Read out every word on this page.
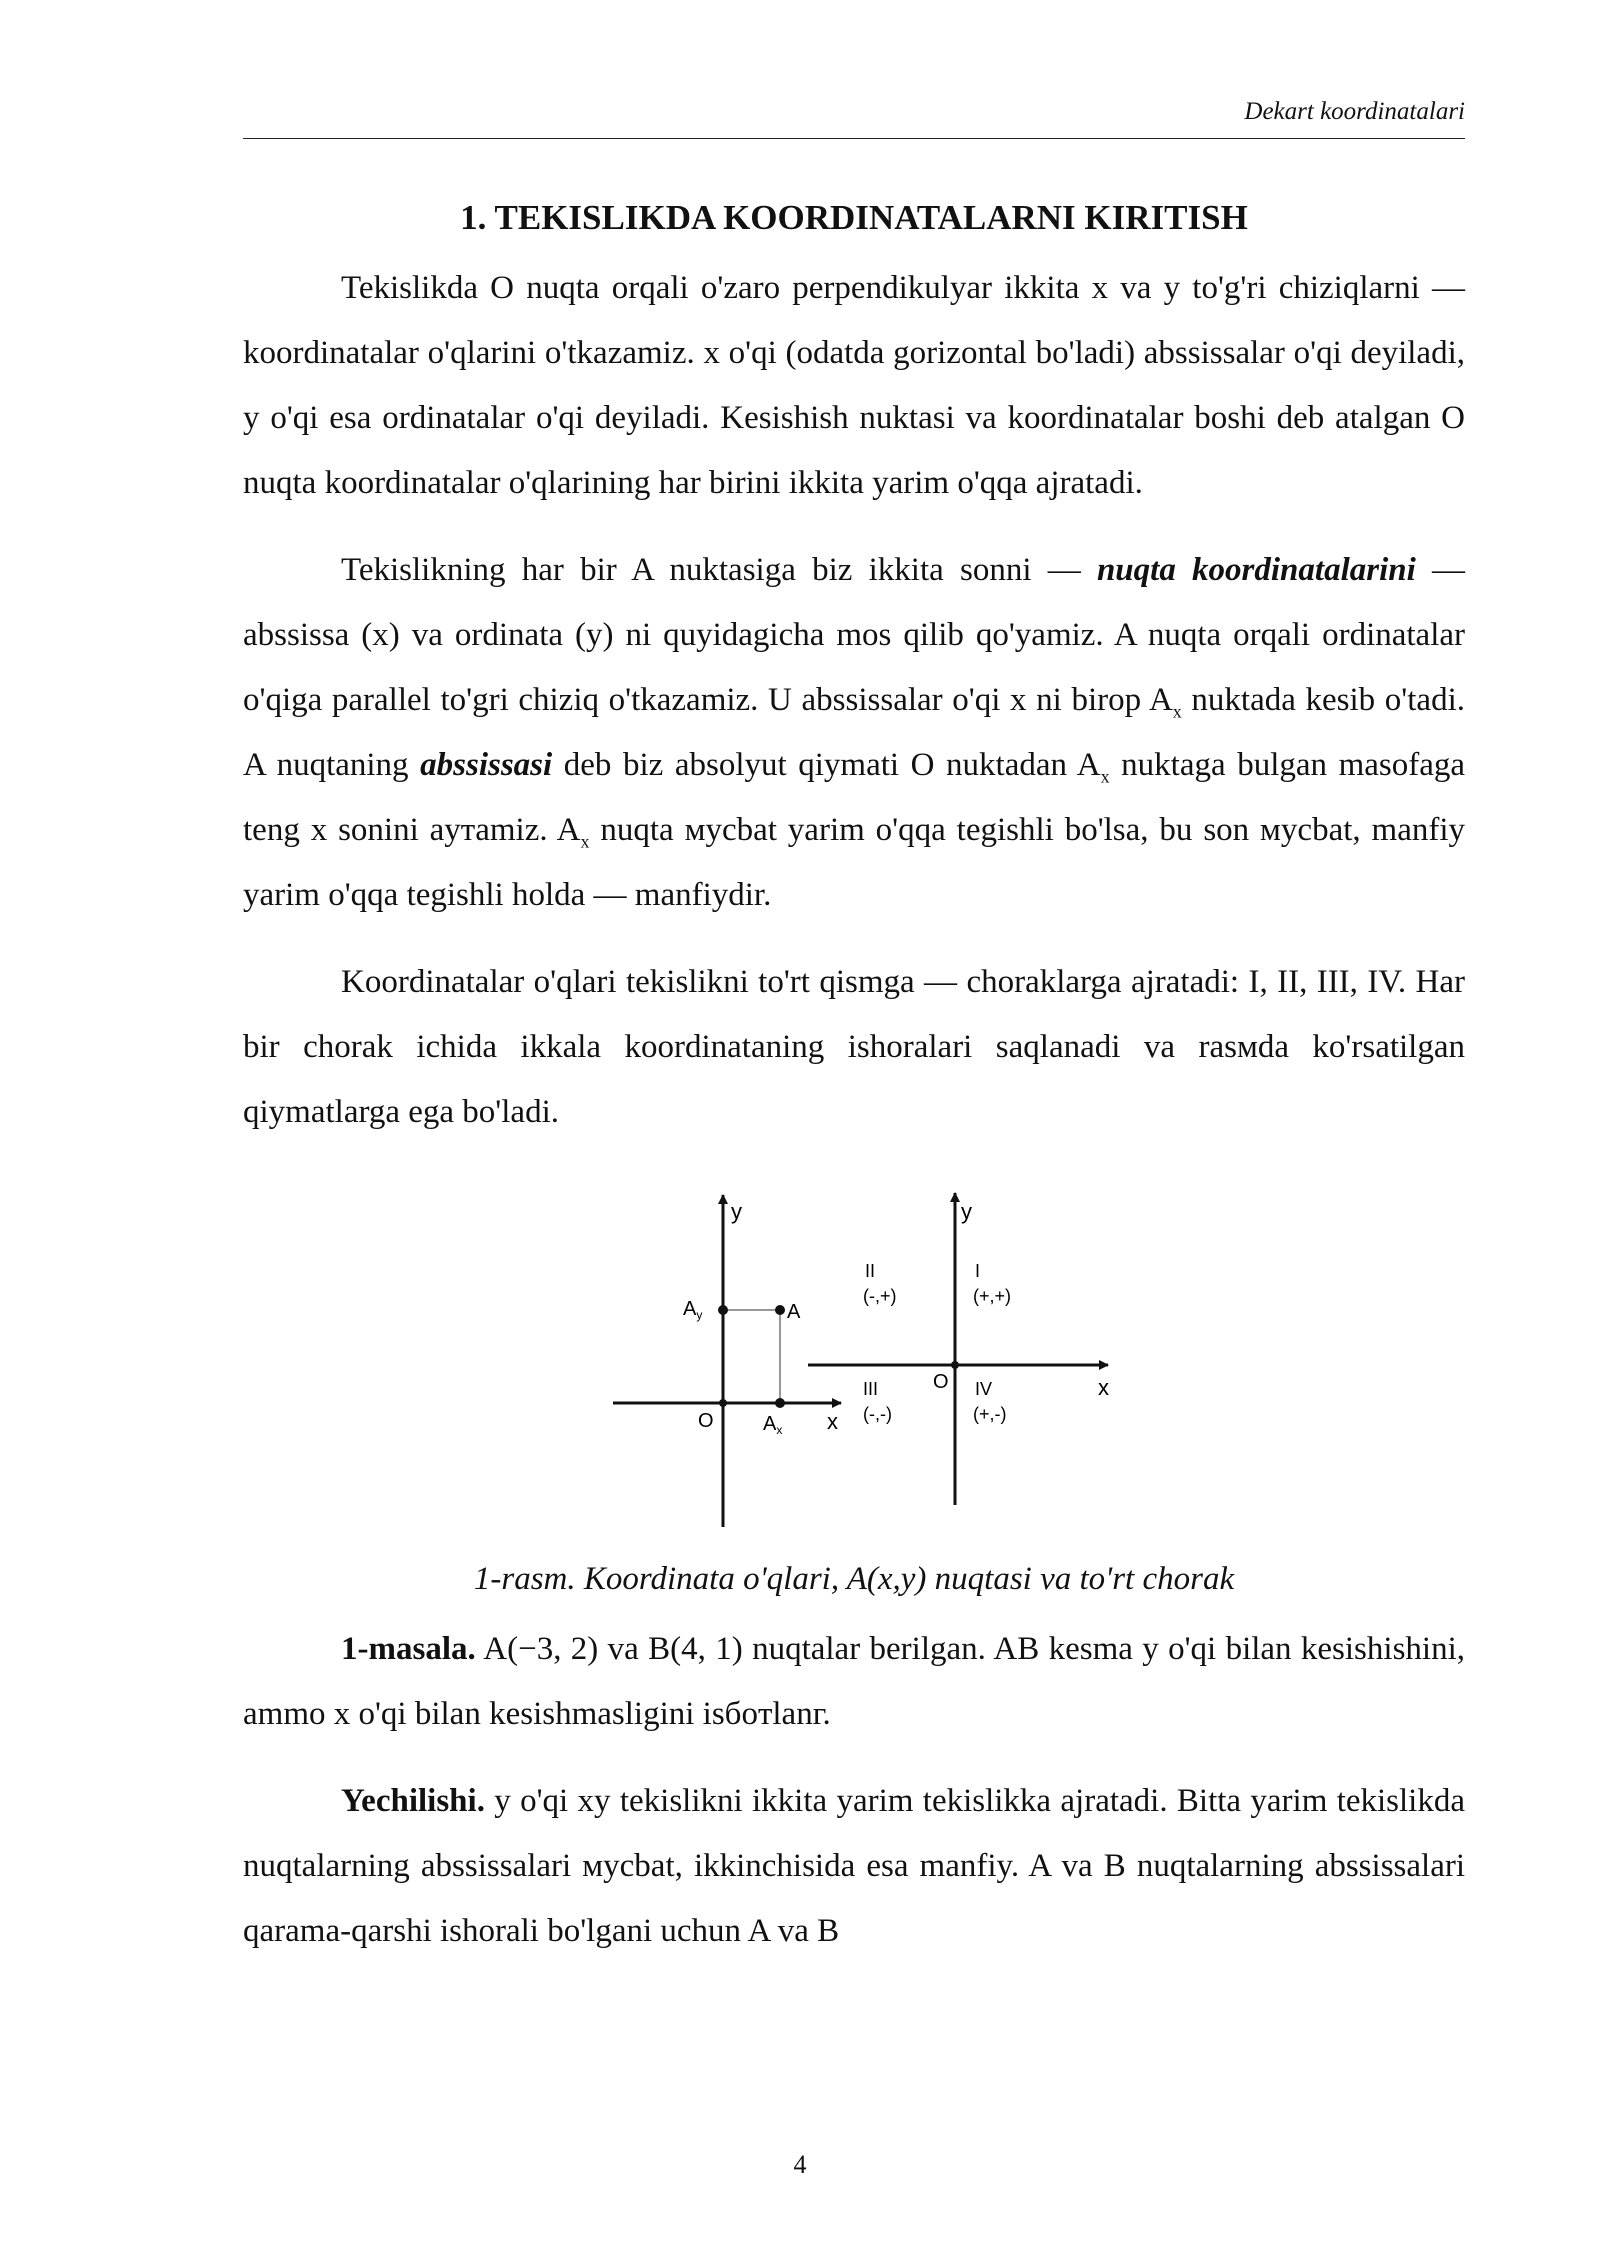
Dekart koordinatalari
1. TEKISLIKDA KOORDINATALARNI KIRITISH

Tekislikda O nuqta orqali o'zaro perpendikulyar ikkita x va y to'g'ri chiziqlarni — koordinatalar o'qlarini o'tkazamiz. x o'qi (odatda gorizontal bo'ladi) abssissalar o'qi deyiladi, y o'qi esa ordinatalar o'qi deyiladi. Kesishish nuktasi va koordinatalar boshi deb atalgan O nuqta koordinatalar o'qlarining har birini ikkita yarim o'qqa ajratadi.

Tekislikning har bir A nuktasiga biz ikkita sonni — nuqta koordinatalarini — abssissa (x) va ordinata (y) ni quyidagicha mos qilib qo'yamiz. A nuqta orqali ordinatalar o'qiga parallel to'gri chiziq o'tkazamiz. U abssissalar o'qi x ni birop $A_x$ nuktada kesib o'tadi. A nuqtaning abssissasi deb biz absolyut qiymati O nuktadan $A_x$ nuktaga bulgan masofaga teng x sonini aутamiz. $A_x$ nuqta мycbat yarim o'qqa tegishli bo'lsa, bu son мycbat, manfiy yarim o'qqa tegishli holda — manfiydir.

Koordinatalar o'qlari tekislikni to'rt qismga — choraklarga ajratadi: I, II, III, IV. Har bir chorak ichida ikkala koordinataning ishoralari saqlanadi va rasмda ko'rsatilgan qiymatlarga ega bo'ladi.

y
x
O
A
$A_y$
$A_x$
y
x
O
II
(-,+)
I
(+,+)
III
(-,-)
IV
(+,-)
1-rasm. Koordinata o'qlari, A(x,y) nuqtasi va to'rt chorak

1-masala. A(−3, 2) va B(4, 1) nuqtalar berilgan. AB kesma y o'qi bilan kesishishini, ammo x o'qi bilan kesishmasligini isбoтlanг.

Yechilishi. y o'qi xy tekislikni ikkita yarim tekislikka ajratadi. Bitta yarim tekislikda nuqtalarning abssissalari мycbat, ikkinchisida esa manfiy. A va B nuqtalarning abssissalari qarama-qarshi ishorali bo'lgani uchun A va B

4
